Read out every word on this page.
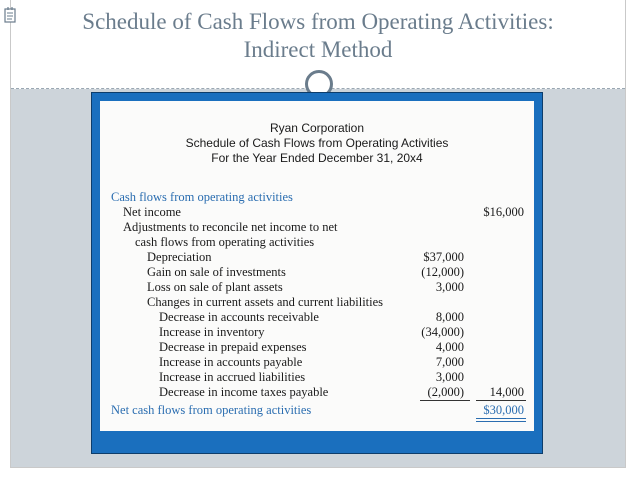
Schedule of Cash Flows from Operating Activities:
Indirect Method
Ryan Corporation
Schedule of Cash Flows from Operating Activities
For the Year Ended December 31, 20x4
Cash flows from operating activities
Net income	$16,000
Adjustments to reconcile net income to net
cash flows from operating activities
Depreciation	$37,000
Gain on sale of investments	(12,000)
Loss on sale of plant assets	3,000
Changes in current assets and current liabilities
Decrease in accounts receivable	8,000
Increase in inventory	(34,000)
Decrease in prepaid expenses	4,000
Increase in accounts payable	7,000
Increase in accrued liabilities	3,000
Decrease in income taxes payable	(2,000) 14,000
Net cash flows from operating activities	$30,000
